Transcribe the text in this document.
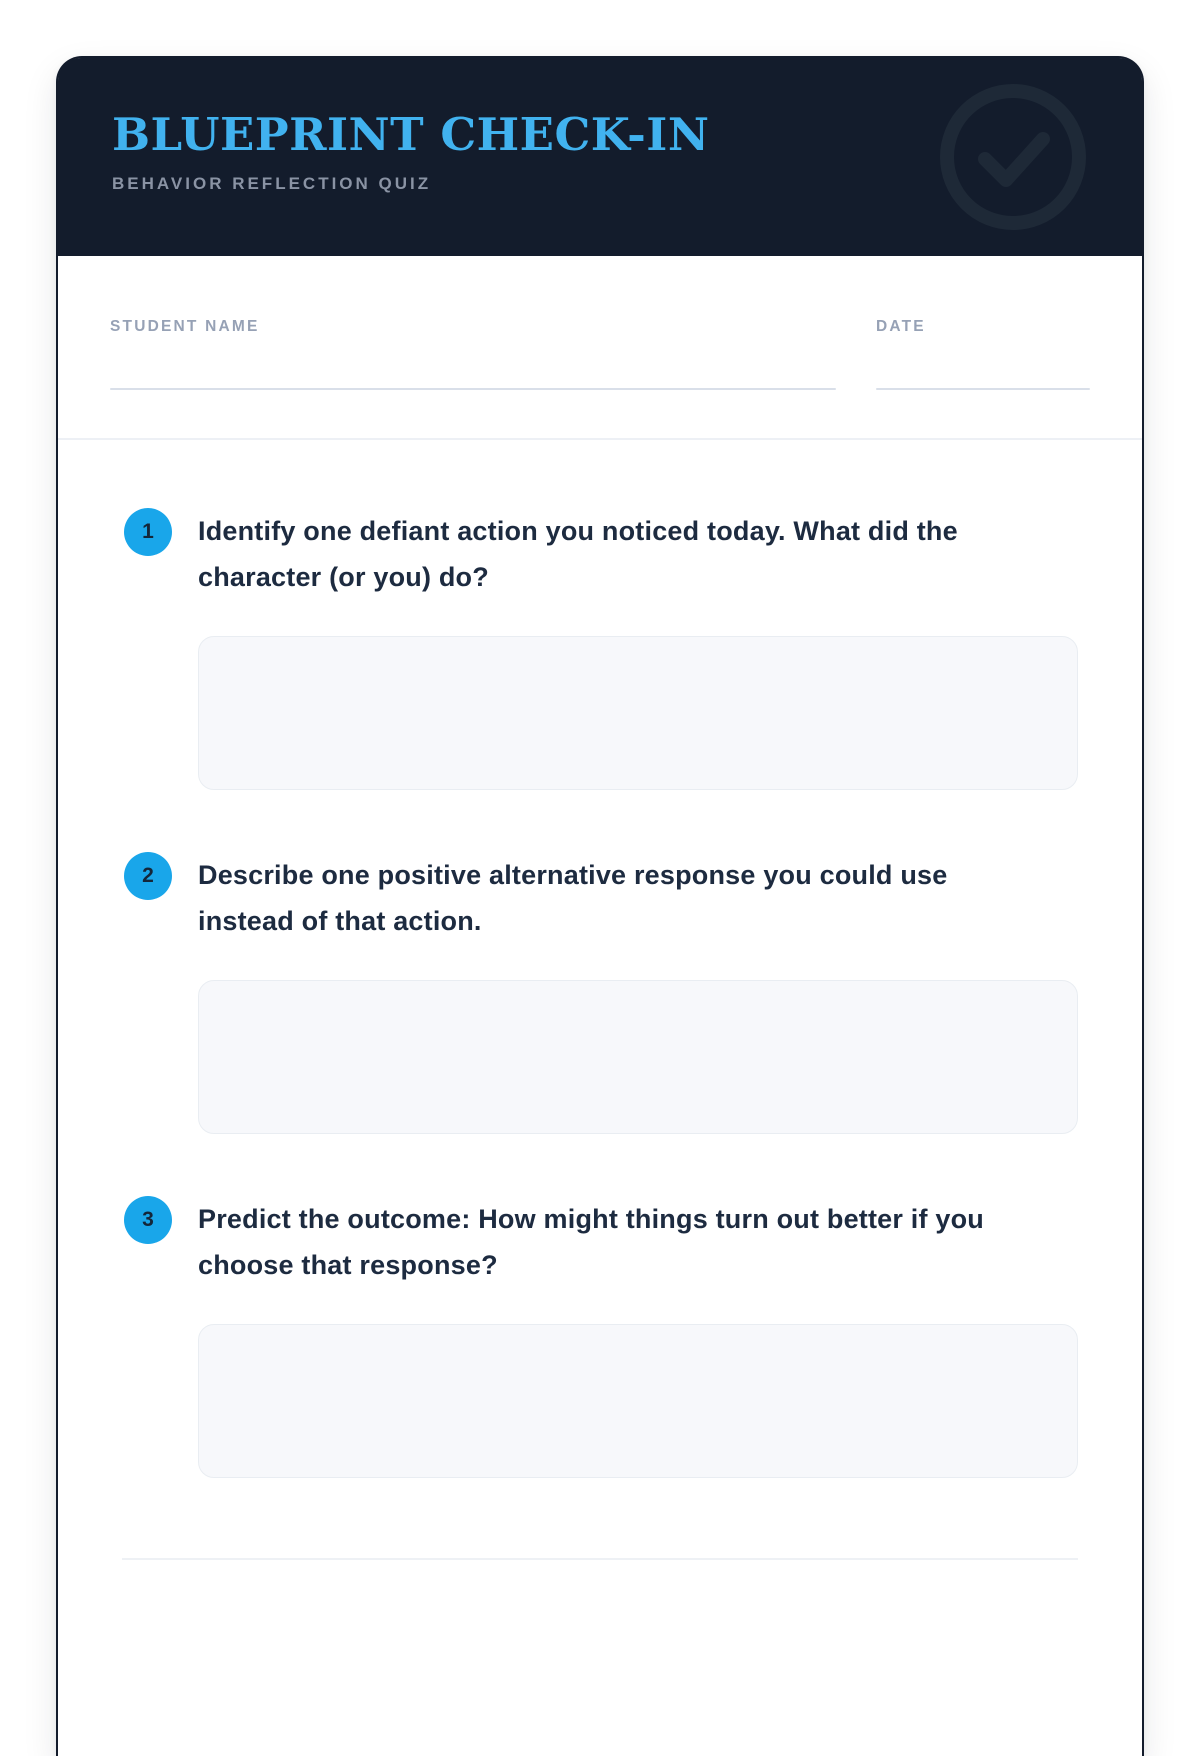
BLUEPRINT CHECK-IN
BEHAVIOR REFLECTION QUIZ
STUDENT NAME	DATE
1	Identify one defiant action you noticed today. What did the
character (or you) do?
2	Describe one positive alternative response you could use
instead of that action.
3	Predict the outcome: How might things turn out better if you
choose that response?
